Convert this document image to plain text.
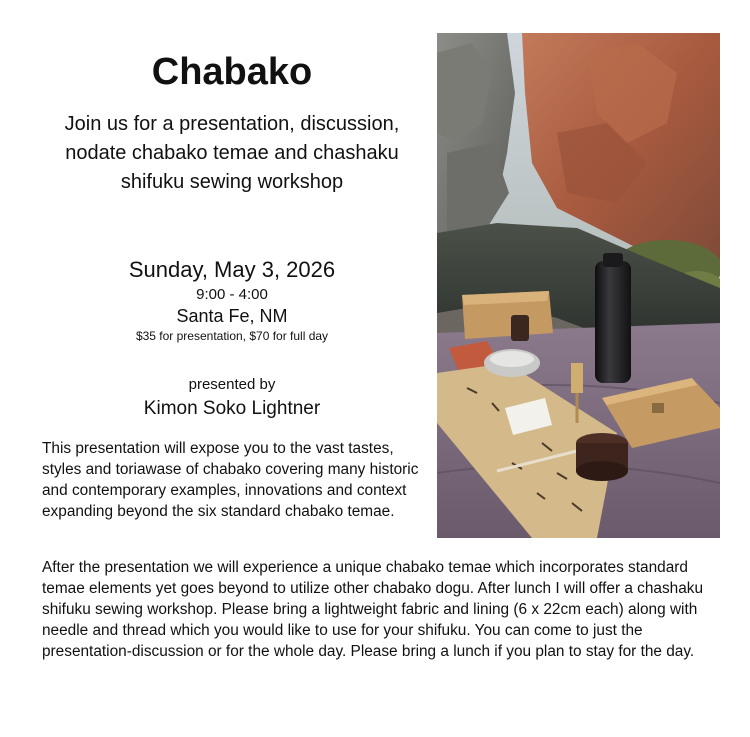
Chabako
Join us for a presentation, discussion, nodate chabako temae and chashaku shifuku sewing workshop
Sunday, May 3, 2026
9:00 - 4:00
Santa Fe, NM
$35 for presentation, $70 for full day
presented by
Kimon Soko Lightner

This presentation will expose you to the vast tastes, styles and toriawase of chabako covering many historic and contemporary examples, innovations and context expanding beyond the six standard chabako temae.

After the presentation we will experience a unique chabako temae which incorporates standard temae elements yet goes beyond to utilize other chabako dogu. After lunch I will offer a chashaku shifuku sewing workshop. Please bring a lightweight fabric and lining (6 x 22cm each) along with needle and thread which you would like to use for your shifuku. You can come to just the presentation-discussion or for the whole day. Please bring a lunch if you plan to stay for the day.
